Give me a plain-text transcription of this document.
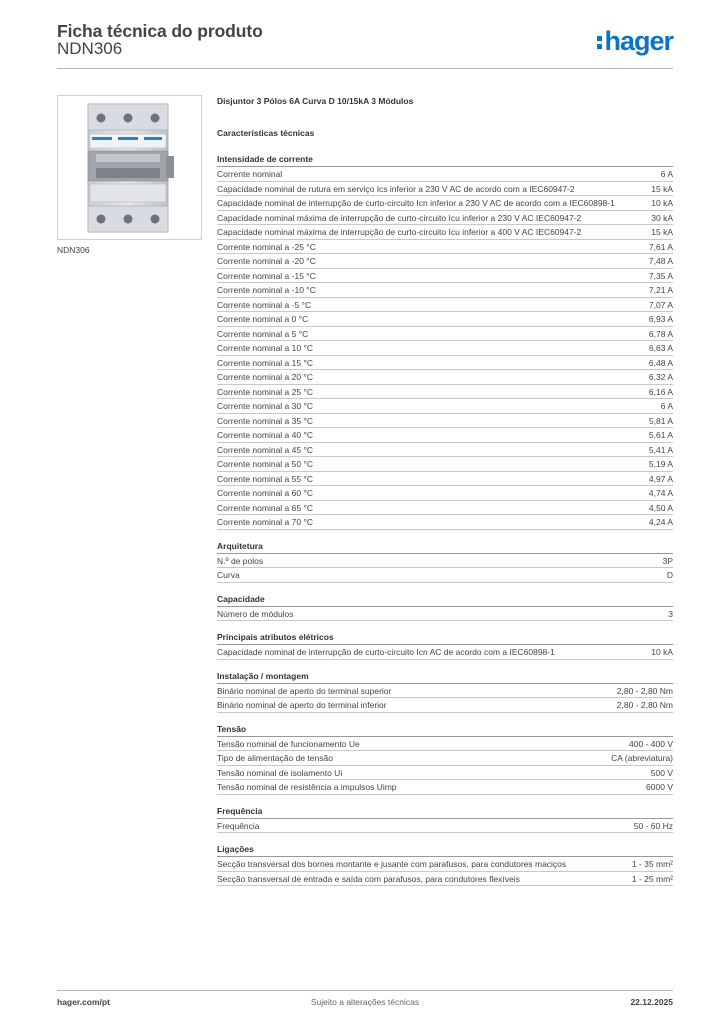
Ficha técnica do produto
NDN306	hager
NDN306
Disjuntor 3 Pólos 6A Curva D 10/15kA 3 Módulos
Características técnicas
Intensidade de corrente
Corrente nominal	6 A
Capacidade nominal de rutura em serviço Ics inferior a 230 V AC de acordo com a IEC60947-2	15 kA
Capacidade nominal de interrupção de curto-circuito Icn inferior a 230 V AC de acordo com a IEC60898-1	10 kA
Capacidade nominal máxima de interrupção de curto-circuito Icu inferior a 230 V AC IEC60947-2	30 kA
Capacidade nominal máxima de interrupção de curto-circuito Icu inferior a 400 V AC IEC60947-2	15 kA
Corrente nominal a -25 °C	7,61 A
Corrente nominal a -20 °C	7,48 A
Corrente nominal a -15 °C	7,35 A
Corrente nominal a -10 °C	7,21 A
Corrente nominal a -5 °C	7,07 A
Corrente nominal a 0 °C	6,93 A
Corrente nominal a 5 °C	6,78 A
Corrente nominal a 10 °C	6,63 A
Corrente nominal a 15 °C	6,48 A
Corrente nominal a 20 °C	6,32 A
Corrente nominal a 25 °C	6,16 A
Corrente nominal a 30 °C	6 A
Corrente nominal a 35 °C	5,81 A
Corrente nominal a 40 °C	5,61 A
Corrente nominal a 45 °C	5,41 A
Corrente nominal a 50 °C	5,19 A
Corrente nominal a 55 °C	4,97 A
Corrente nominal a 60 °C	4,74 A
Corrente nominal a 65 °C	4,50 A
Corrente nominal a 70 °C	4,24 A
Arquitetura
N.º de polos	3P
Curva	D
Capacidade
Número de módulos	3
Principais atributos elétricos
Capacidade nominal de interrupção de curto-circuito Icn AC de acordo com a IEC60898-1	10 kA
Instalação / montagem
Binário nominal de aperto do terminal superior	2,80 - 2,80 Nm
Binário nominal de aperto do terminal inferior	2,80 - 2,80 Nm
Tensão
Tensão nominal de funcionamento Ue	400 - 400 V
Tipo de alimentação de tensão	CA (abreviatura)
Tensão nominal de isolamento Ui	500 V
Tensão nominal de resistência a impulsos Uimp	6000 V
Frequência
Frequência	50 - 60 Hz
Ligações
Secção transversal dos bornes montante e jusante com parafusos, para condutores maciços	1 - 35 mm²
Secção transversal de entrada e saída com parafusos, para condutores flexíveis	1 - 25 mm²
hager.com/pt	Sujeito a alterações técnicas	22.12.2025
